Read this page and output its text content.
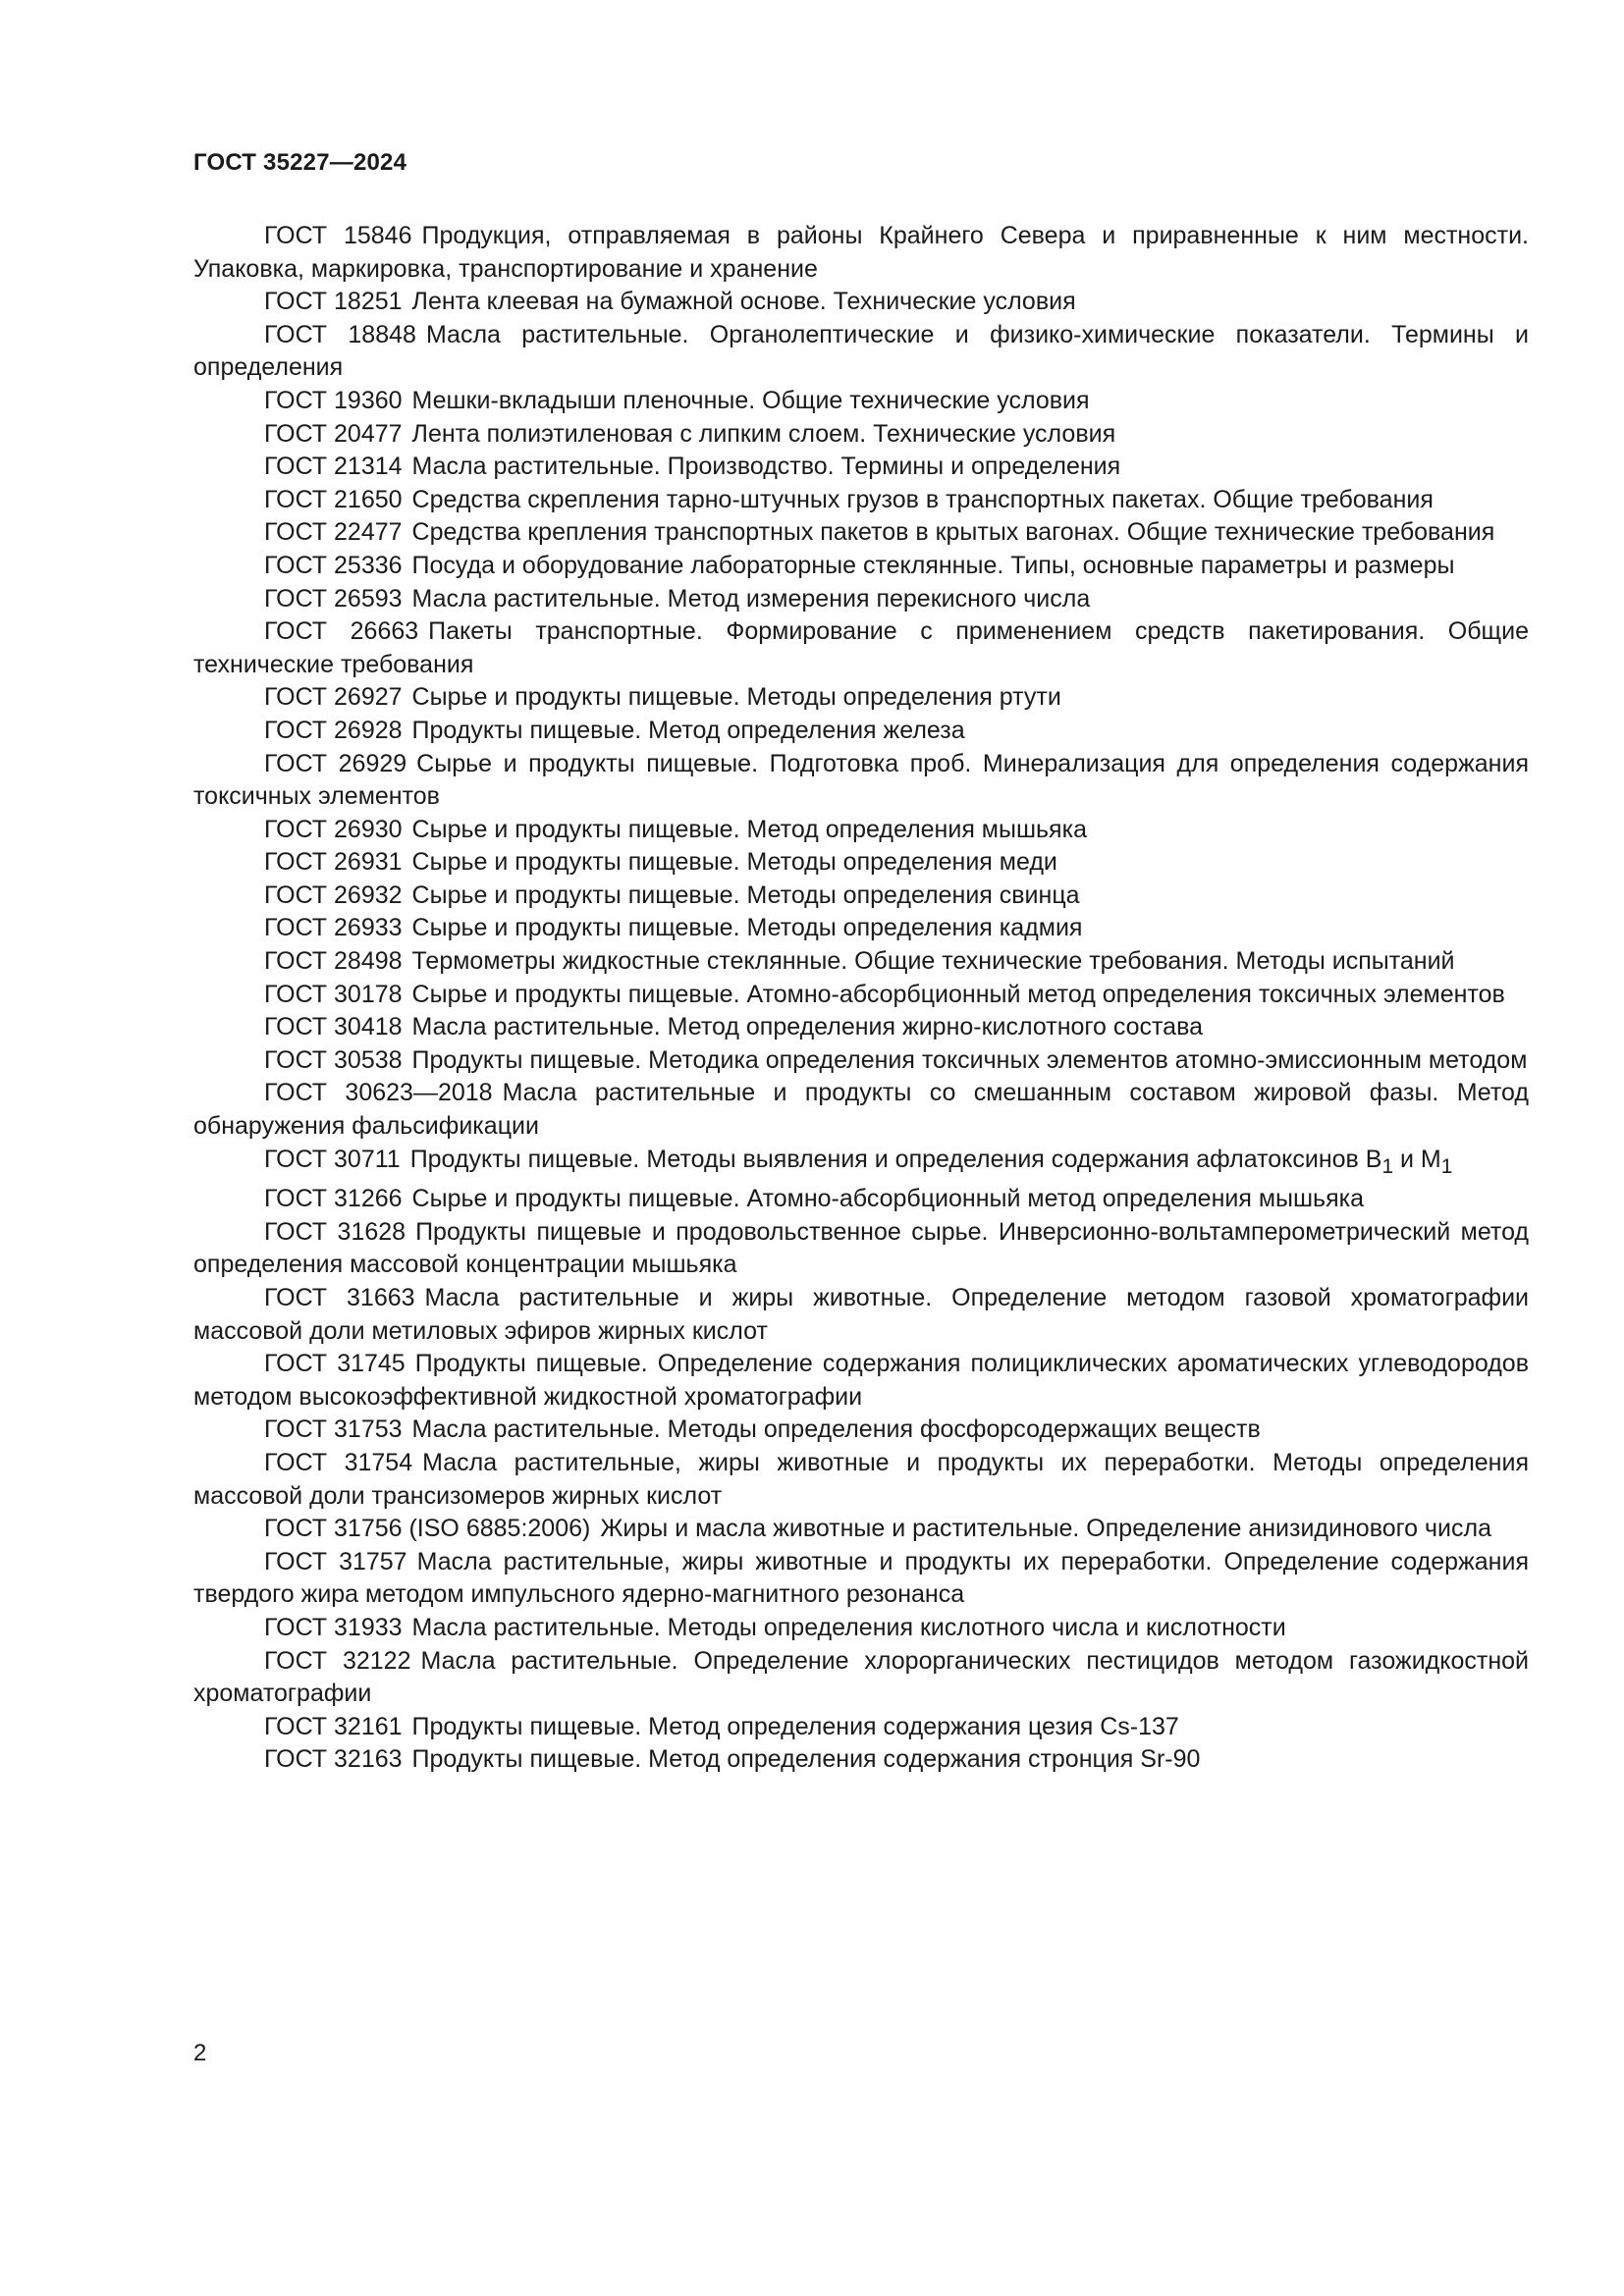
ГОСТ 35227—2024

ГОСТ 15846 Продукция, отправляемая в районы Крайнего Севера и приравненные к ним местности. Упаковка, маркировка, транспортирование и хранение

ГОСТ 18251 Лента клеевая на бумажной основе. Технические условия

ГОСТ 18848 Масла растительные. Органолептические и физико-химические показатели. Термины и определения

ГОСТ 19360 Мешки-вкладыши пленочные. Общие технические условия

ГОСТ 20477 Лента полиэтиленовая с липким слоем. Технические условия

ГОСТ 21314 Масла растительные. Производство. Термины и определения

ГОСТ 21650 Средства скрепления тарно-штучных грузов в транспортных пакетах. Общие требования

ГОСТ 22477 Средства крепления транспортных пакетов в крытых вагонах. Общие технические требования

ГОСТ 25336 Посуда и оборудование лабораторные стеклянные. Типы, основные параметры и размеры

ГОСТ 26593 Масла растительные. Метод измерения перекисного числа

ГОСТ 26663 Пакеты транспортные. Формирование с применением средств пакетирования. Общие технические требования

ГОСТ 26927 Сырье и продукты пищевые. Методы определения ртути

ГОСТ 26928 Продукты пищевые. Метод определения железа

ГОСТ 26929 Сырье и продукты пищевые. Подготовка проб. Минерализация для определения содержания токсичных элементов

ГОСТ 26930 Сырье и продукты пищевые. Метод определения мышьяка

ГОСТ 26931 Сырье и продукты пищевые. Методы определения меди

ГОСТ 26932 Сырье и продукты пищевые. Методы определения свинца

ГОСТ 26933 Сырье и продукты пищевые. Методы определения кадмия

ГОСТ 28498 Термометры жидкостные стеклянные. Общие технические требования. Методы испытаний

ГОСТ 30178 Сырье и продукты пищевые. Атомно-абсорбционный метод определения токсичных элементов

ГОСТ 30418 Масла растительные. Метод определения жирно-кислотного состава

ГОСТ 30538 Продукты пищевые. Методика определения токсичных элементов атомно-эмиссионным методом

ГОСТ 30623—2018 Масла растительные и продукты со смешанным составом жировой фазы. Метод обнаружения фальсификации

ГОСТ 30711 Продукты пищевые. Методы выявления и определения содержания афлатоксинов $B_1$ и $M_1$

ГОСТ 31266 Сырье и продукты пищевые. Атомно-абсорбционный метод определения мышьяка

ГОСТ 31628 Продукты пищевые и продовольственное сырье. Инверсионно-вольтамперометрический метод определения массовой концентрации мышьяка

ГОСТ 31663 Масла растительные и жиры животные. Определение методом газовой хроматографии массовой доли метиловых эфиров жирных кислот

ГОСТ 31745 Продукты пищевые. Определение содержания полициклических ароматических углеводородов методом высокоэффективной жидкостной хроматографии

ГОСТ 31753 Масла растительные. Методы определения фосфорсодержащих веществ

ГОСТ 31754 Масла растительные, жиры животные и продукты их переработки. Методы определения массовой доли трансизомеров жирных кислот

ГОСТ 31756 (ISO 6885:2006) Жиры и масла животные и растительные. Определение анизидинового числа

ГОСТ 31757 Масла растительные, жиры животные и продукты их переработки. Определение содержания твердого жира методом импульсного ядерно-магнитного резонанса

ГОСТ 31933 Масла растительные. Методы определения кислотного числа и кислотности

ГОСТ 32122 Масла растительные. Определение хлорорганических пестицидов методом газожидкостной хроматографии

ГОСТ 32161 Продукты пищевые. Метод определения содержания цезия Cs-137

ГОСТ 32163 Продукты пищевые. Метод определения содержания стронция Sr-90

2
